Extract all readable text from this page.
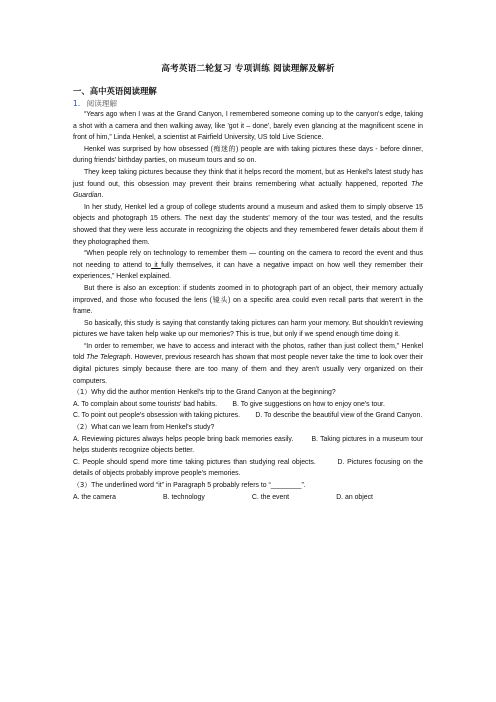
高考英语二轮复习 专项训练 阅读理解及解析
一、高中英语阅读理解
1. 阅读理解

“Years ago when I was at the Grand Canyon, I remembered someone coming up to the canyon's edge, taking a shot with a camera and then walking away, like 'got it – done', barely even glancing at the magnificent scene in front of him,” Linda Henkel, a scientist at Fairfield University, US told Live Science.

Henkel was surprised by how obsessed (痴迷的) people are with taking pictures these days - before dinner, during friends' birthday parties, on museum tours and so on.

They keep taking pictures because they think that it helps record the moment, but as Henkel's latest study has just found out, this obsession may prevent their brains remembering what actually happened, reported The Guardian.

In her study, Henkel led a group of college students around a museum and asked them to simply observe 15 objects and photograph 15 others. The next day the students' memory of the tour was tested, and the results showed that they were less accurate in recognizing the objects and they remembered fewer details about them if they photographed them.

“When people rely on technology to remember them — counting on the camera to record the event and thus not needing to attend to it fully themselves, it can have a negative impact on how well they remember their experiences,” Henkel explained.

But there is also an exception: if students zoomed in to photograph part of an object, their memory actually improved, and those who focused the lens (镜头) on a specific area could even recall parts that weren't in the frame.

So basically, this study is saying that constantly taking pictures can harm your memory. But shouldn't reviewing pictures we have taken help wake up our memories? This is true, but only if we spend enough time doing it.

“In order to remember, we have to access and interact with the photos, rather than just collect them,” Henkel told The Telegraph. However, previous research has shown that most people never take the time to look over their digital pictures simply because there are too many of them and they aren't usually very organized on their computers.

（1）Why did the author mention Henkel's trip to the Grand Canyon at the beginning?

A. To complain about some tourists' bad habits. B. To give suggestions on how to enjoy one's tour.

C. To point out people's obsession with taking pictures. D. To describe the beautiful view of the Grand Canyon.

（2）What can we learn from Henkel's study?

A. Reviewing pictures always helps people bring back memories easily.	B. Taking pictures in a museum tour helps students recognize objects better.

C. People should spend more time taking pictures than studying real objects.	D. Pictures focusing on the details of objects probably improve people's memories.

（3）The underlined word “it” in Paragraph 5 probably refers to “________”.

A. the camera	B. technology	C. the event	D. an object
